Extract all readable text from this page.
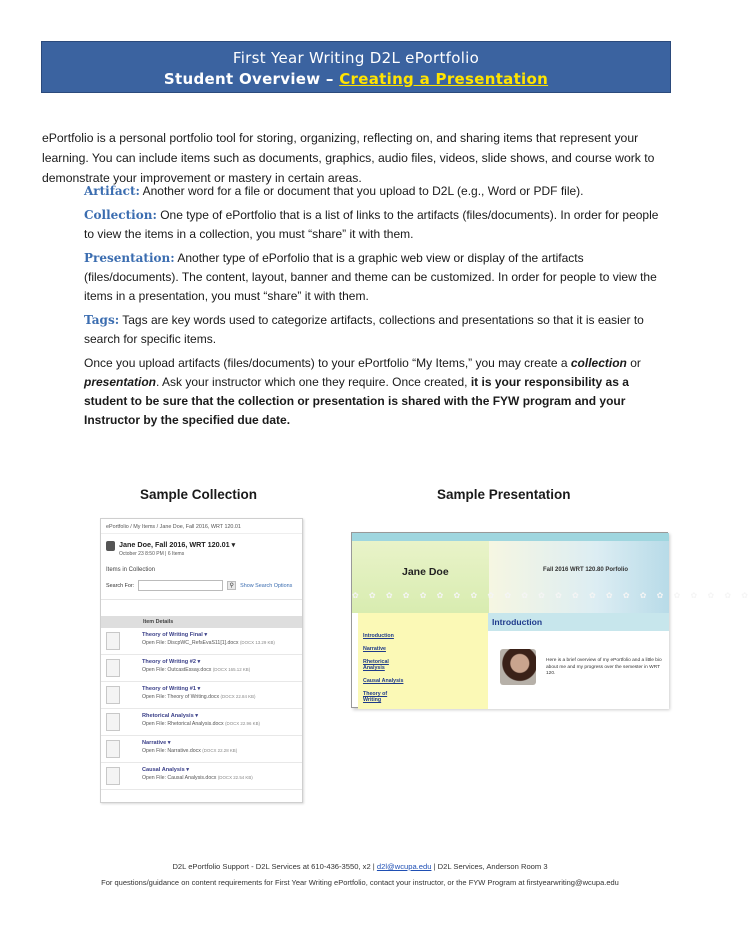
First Year Writing D2L ePortfolio
Student Overview – Creating a Presentation

ePortfolio is a personal portfolio tool for storing, organizing, reflecting on, and sharing items that represent your learning. You can include items such as documents, graphics, audio files, videos, slide shows, and course work to demonstrate your improvement or mastery in certain areas.

Artifact: Another word for a file or document that you upload to D2L (e.g., Word or PDF file).

Collection: One type of ePortfolio that is a list of links to the artifacts (files/documents). In order for people to view the items in a collection, you must “share” it with them.

Presentation: Another type of ePorfolio that is a graphic web view or display of the artifacts (files/documents). The content, layout, banner and theme can be customized. In order for people to view the items in a presentation, you must “share” it with them.

Tags: Tags are key words used to categorize artifacts, collections and presentations so that it is easier to search for specific items.

Once you upload artifacts (files/documents) to your ePortfolio “My Items,” you may create a collection or presentation. Ask your instructor which one they require. Once created, it is your responsibility as a student to be sure that the collection or presentation is shared with the FYW program and your Instructor by the specified due date.

Sample Collection	Sample Presentation
ePortfolio / My Items / Jane Doe, Fall 2016, WRT 120.01
Jane Doe, Fall 2016, WRT 120.01 ▾
October 23 8:50 PM | 6 Items
Items in Collection
Search For:	⚲	Show Search Options
Item Details
Theory of Writing Final ▾
Open File: DiscpWC_RefsEvaS11[1].docx (DOCX 13.29 KB)
Theory of Writing #2 ▾
Open File: OutcastEssay.docx (DOCX 165.12 KB)
Theory of Writing #1 ▾
Open File: Theory of Writing.docx (DOCX 22.84 KB)
Rhetorical Analysis ▾
Open File: Rhetorical Analysis.docx (DOCX 22.96 KB)
Narrative ▾
Open File: Narrative.docx (DOCX 22.28 KB)
Causal Analysis ▾
Open File: Causal Analysis.docx (DOCX 22.54 KB)
✿ ✿ ✿ ✿ ✿ ✿ ✿ ✿ ✿ ✿ ✿ ✿ ✿ ✿ ✿ ✿ ✿ ✿ ✿ ✿ ✿ ✿ ✿ ✿
Jane Doe	Fall 2016 WRT 120.80 Porfolio
Introduction
Narrative
Rhetorical Analysis
Causal Analysis
Theory of Writing
Introduction
Here is a brief overview of my ePortfolio and a little bio about me and my progress over the semester in WRT 120.
D2L ePortfolio Support - D2L Services at 610-436-3550, x2 | d2l@wcupa.edu | D2L Services, Anderson Room 3
For questions/guidance on content requirements for First Year Writing ePortfolio, contact your instructor, or the FYW Program at firstyearwriting@wcupa.edu
